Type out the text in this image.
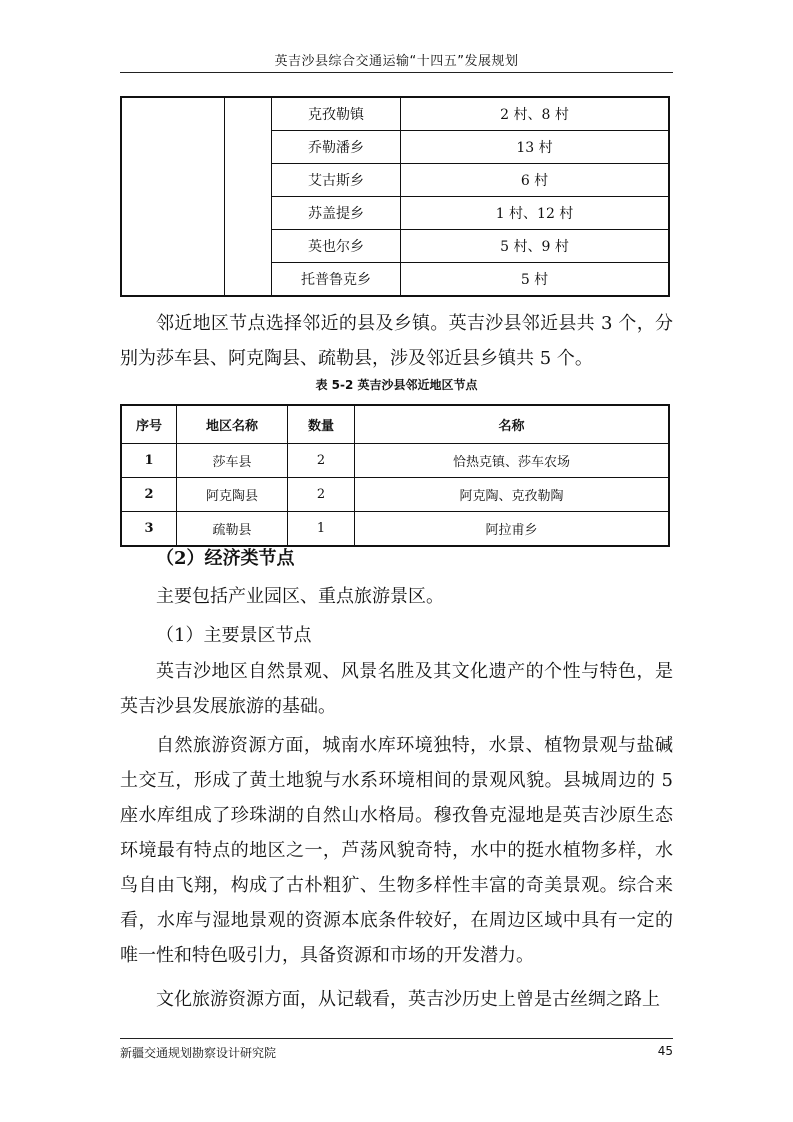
英吉沙县综合交通运输“十四五”发展规划
		克孜勒镇	2 村、8 村
		乔勒潘乡	13 村
		艾古斯乡	6 村
		苏盖提乡	1 村、12 村
		英也尔乡	5 村、9 村
		托普鲁克乡	5 村
邻近地区节点选择邻近的县及乡镇。英吉沙县邻近县共 3 个，分别为莎车县、阿克陶县、疏勒县，涉及邻近县乡镇共 5 个。
表 5-2 英吉沙县邻近地区节点
序号	地区名称	数量	名称
1	莎车县	2	恰热克镇、莎车农场
2	阿克陶县	2	阿克陶、克孜勒陶
3	疏勒县	1	阿拉甫乡
（2）经济类节点
主要包括产业园区、重点旅游景区。
（1）主要景区节点
英吉沙地区自然景观、风景名胜及其文化遗产的个性与特色，是英吉沙县发展旅游的基础。
自然旅游资源方面，城南水库环境独特，水景、植物景观与盐碱土交互，形成了黄土地貌与水系环境相间的景观风貌。县城周边的 5 座水库组成了珍珠湖的自然山水格局。穆孜鲁克湿地是英吉沙原生态环境最有特点的地区之一，芦荡风貌奇特，水中的挺水植物多样，水鸟自由飞翔，构成了古朴粗犷、生物多样性丰富的奇美景观。综合来看，水库与湿地景观的资源本底条件较好，在周边区域中具有一定的唯一性和特色吸引力，具备资源和市场的开发潜力。
文化旅游资源方面，从记载看，英吉沙历史上曾是古丝绸之路上
新疆交通规划勘察设计研究院	45
